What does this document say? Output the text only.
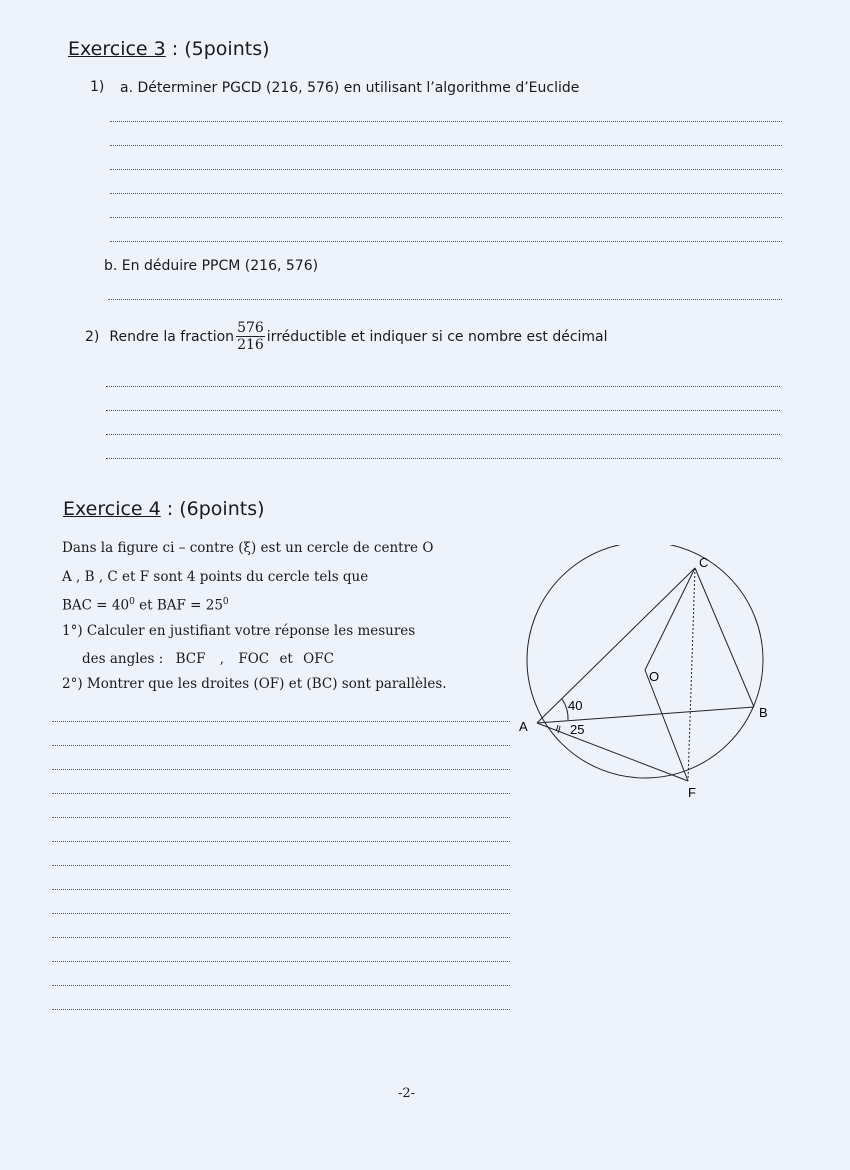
Exercice 3 : (5points)
1) a. Déterminer PGCD (216, 576) en utilisant l’algorithme d’Euclide
b. En déduire PPCM (216, 576)
2) Rendre la fraction $\frac{576}{216}$ irréductible et indiquer si ce nombre est décimal
Exercice 4 : (6points)
Dans la figure ci – contre (ξ) est un cercle de centre O
A , B , C et F sont 4 points du cercle tels que
BAC = $40^0$ et BAF = $25^0$
1°) Calculer en justifiant votre réponse les mesures
des angles : BCF , FOC et OFC
2°) Montrer que les droites (OF) et (BC) sont parallèles.
40
25
A
B
C
F
O
-2-
